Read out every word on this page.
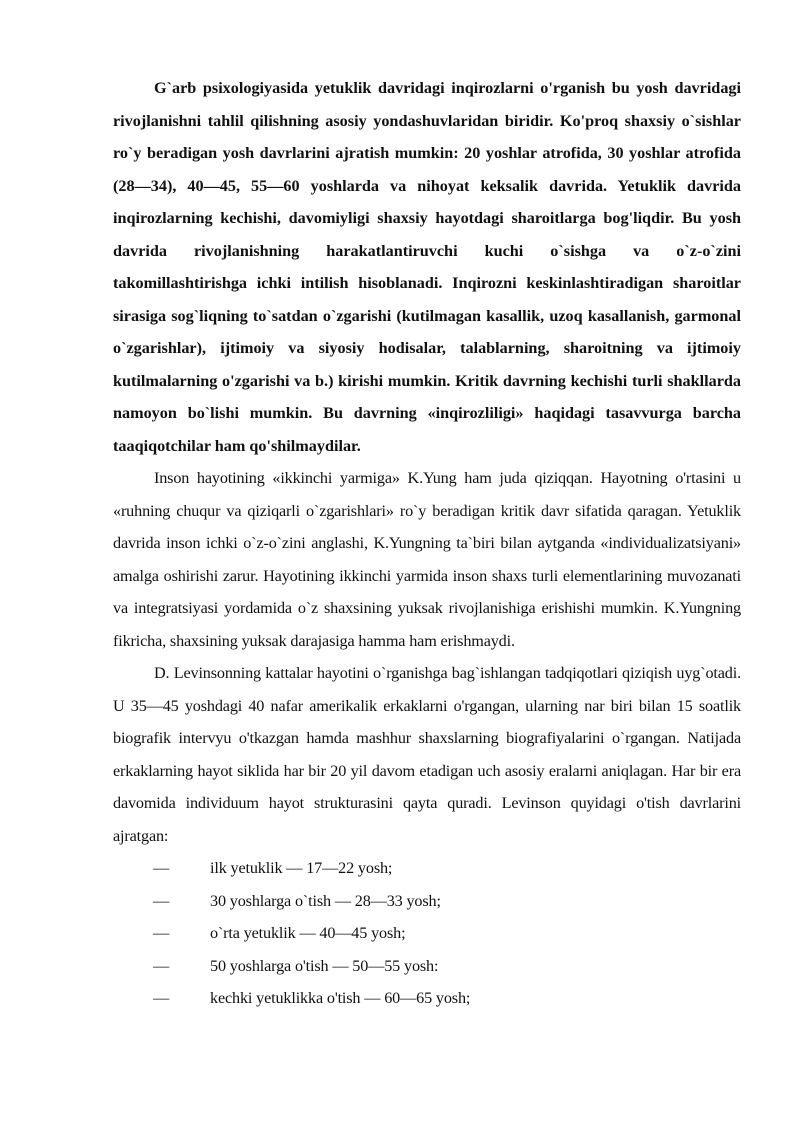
G`arb psixologiyasida yetuklik davridagi inqirozlarni o'rganish bu yosh davridagi rivojlanishni tahlil qilishning asosiy yondashuvlaridan biridir. Ko'proq shaxsiy o`sishlar ro`y beradigan yosh davrlarini ajratish mumkin: 20 yoshlar atrofida, 30 yoshlar atrofida (28—34), 40—45, 55—60 yoshlarda va nihoyat keksalik davrida. Yetuklik davrida inqirozlarning kechishi, davomiyligi shaxsiy hayotdagi sharoitlarga bog'liqdir. Bu yosh davrida rivojlanishning harakatlantiruvchi kuchi o`sishga va o`z-o`zini takomillashtirishga ichki intilish hisoblanadi. Inqirozni keskinlashtiradigan sharoitlar sirasiga sog`liqning to`satdan o`zgarishi (kutilmagan kasallik, uzoq kasallanish, garmonal o`zgarishlar), ijtimoiy va siyosiy hodisalar, talablarning, sharoitning va ijtimoiy kutilmalarning o'zgarishi va b.) kirishi mumkin. Kritik davrning kechishi turli shakllarda namoyon bo`lishi mumkin. Bu davrning «inqirozliligi» haqidagi tasavvurga barcha taaqiqotchilar ham qo'shilmaydilar.

Inson hayotining «ikkinchi yarmiga» K.Yung ham juda qiziqqan. Hayotning o'rtasini u «ruhning chuqur va qiziqarli o`zgarishlari» ro`y beradigan kritik davr sifatida qaragan. Yetuklik davrida inson ichki o`z-o`zini anglashi, K.Yungning ta`biri bilan aytganda «individualizatsiyani» amalga oshirishi zarur. Hayotining ikkinchi yarmida inson shaxs turli elementlarining muvozanati va integratsiyasi yordamida o`z shaxsining yuksak rivojlanishiga erishishi mumkin. K.Yungning fikricha, shaxsining yuksak darajasiga hamma ham erishmaydi.

D. Levinsonning kattalar hayotini o`rganishga bag`ishlangan tadqiqotlari qiziqish uyg`otadi. U 35—45 yoshdagi 40 nafar amerikalik erkaklarni o'rgangan, ularning nar biri bilan 15 soatlik biografik intervyu o'tkazgan hamda mashhur shaxslarning biografiyalarini o`rgangan. Natijada erkaklarning hayot siklida har bir 20 yil davom etadigan uch asosiy eralarni aniqlagan. Har bir era davomida individuum hayot strukturasini qayta quradi. Levinson quyidagi o'tish davrlarini ajratgan:

—	ilk yetuklik — 17—22 yosh;
—	30 yoshlarga o`tish — 28—33 yosh;
—	o`rta yetuklik — 40—45 yosh;
—	50 yoshlarga o'tish — 50—55 yosh:
—	kechki yetuklikka o'tish — 60—65 yosh;
